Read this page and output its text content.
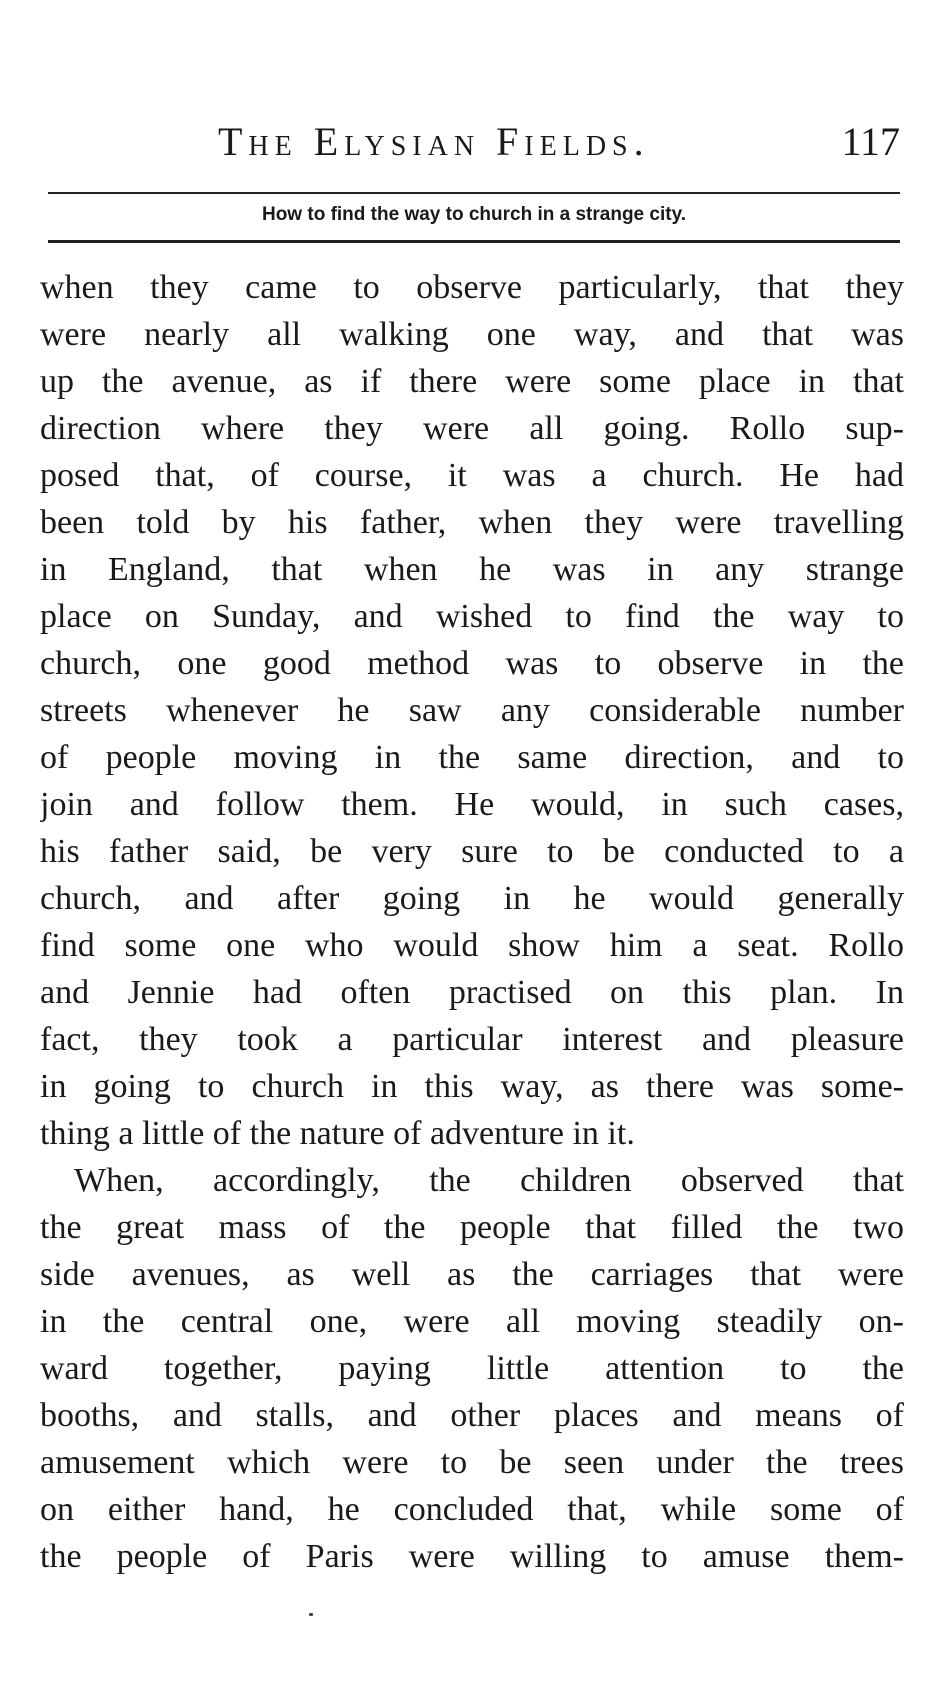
The Elysian Fields.	117
How to find the way to church in a strange city.
when they came to observe particularly, that they
were nearly all walking one way, and that was
up the avenue, as if there were some place in that
direction where they were all going. Rollo sup-
posed that, of course, it was a church. He had
been told by his father, when they were travelling
in England, that when he was in any strange
place on Sunday, and wished to find the way to
church, one good method was to observe in the
streets whenever he saw any considerable number
of people moving in the same direction, and to
join and follow them. He would, in such cases,
his father said, be very sure to be conducted to a
church, and after going in he would generally
find some one who would show him a seat. Rollo
and Jennie had often practised on this plan. In
fact, they took a particular interest and pleasure
in going to church in this way, as there was some-
thing a little of the nature of adventure in it.
When, accordingly, the children observed that
the great mass of the people that filled the two
side avenues, as well as the carriages that were
in the central one, were all moving steadily on-
ward together, paying little attention to the
booths, and stalls, and other places and means of
amusement which were to be seen under the trees
on either hand, he concluded that, while some of
the people of Paris were willing to amuse them-
